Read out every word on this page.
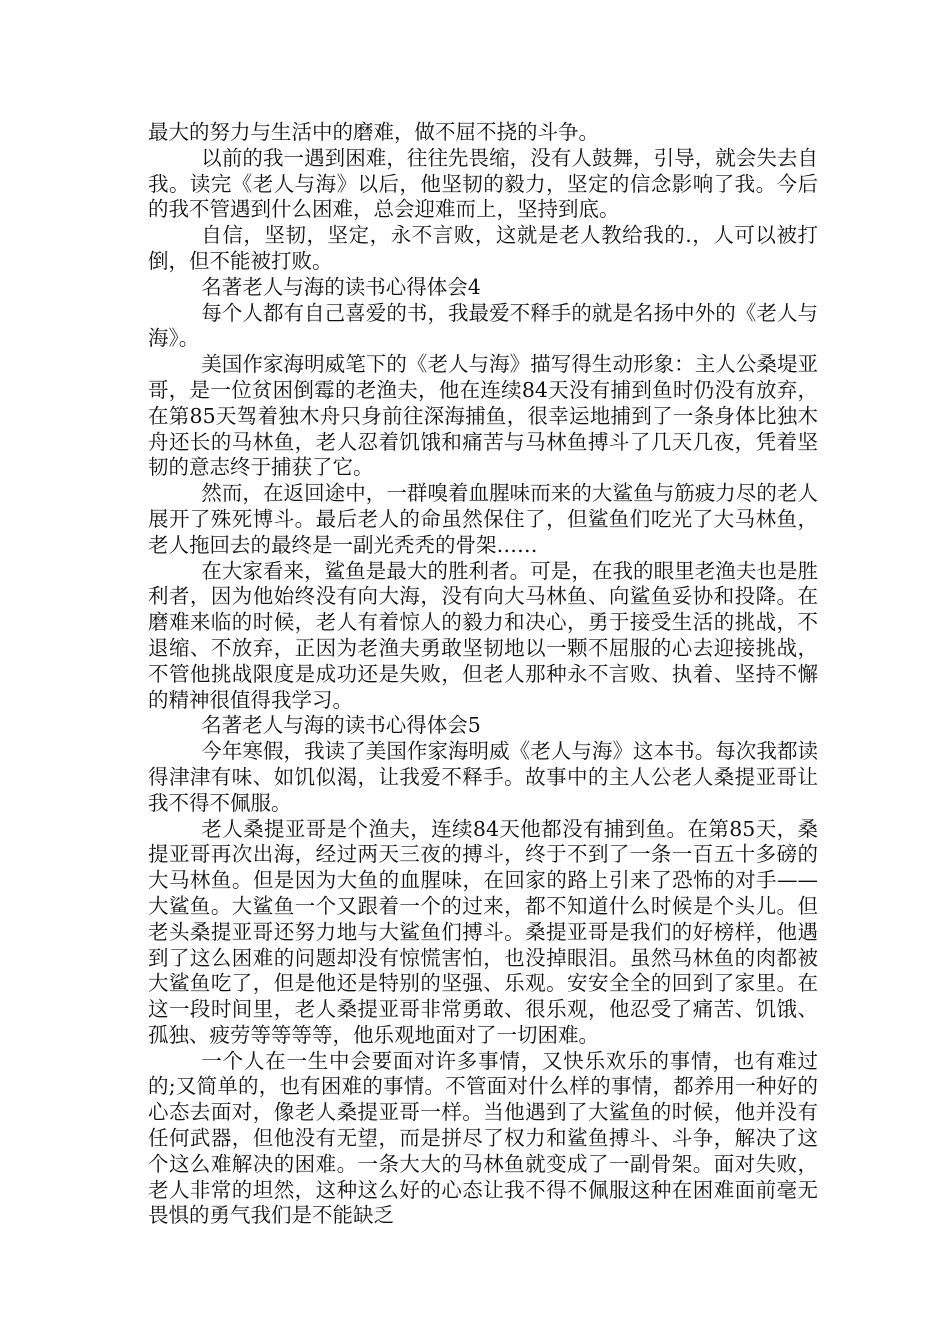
最大的努力与生活中的磨难，做不屈不挠的斗争。

以前的我一遇到困难，往往先畏缩，没有人鼓舞，引导，就会失去自我。读完《老人与海》以后，他坚韧的毅力，坚定的信念影响了我。今后的我不管遇到什么困难，总会迎难而上，坚持到底。

自信，坚韧，坚定，永不言败，这就是老人教给我的.，人可以被打倒，但不能被打败。

名著老人与海的读书心得体会4

每个人都有自己喜爱的书，我最爱不释手的就是名扬中外的《老人与海》。

美国作家海明威笔下的《老人与海》描写得生动形象：主人公桑堤亚哥，是一位贫困倒霉的老渔夫，他在连续84天没有捕到鱼时仍没有放弃，在第85天驾着独木舟只身前往深海捕鱼，很幸运地捕到了一条身体比独木舟还长的马林鱼，老人忍着饥饿和痛苦与马林鱼搏斗了几天几夜，凭着坚韧的意志终于捕获了它。

然而，在返回途中，一群嗅着血腥味而来的大鲨鱼与筋疲力尽的老人展开了殊死博斗。最后老人的命虽然保住了，但鲨鱼们吃光了大马林鱼，老人拖回去的最终是一副光秃秃的骨架……

在大家看来，鲨鱼是最大的胜利者。可是，在我的眼里老渔夫也是胜利者，因为他始终没有向大海，没有向大马林鱼、向鲨鱼妥协和投降。在磨难来临的时候，老人有着惊人的毅力和决心，勇于接受生活的挑战，不退缩、不放弃，正因为老渔夫勇敢坚韧地以一颗不屈服的心去迎接挑战，不管他挑战限度是成功还是失败，但老人那种永不言败、执着、坚持不懈的精神很值得我学习。

名著老人与海的读书心得体会5

今年寒假，我读了美国作家海明威《老人与海》这本书。每次我都读得津津有味、如饥似渴，让我爱不释手。故事中的主人公老人桑提亚哥让我不得不佩服。

老人桑提亚哥是个渔夫，连续84天他都没有捕到鱼。在第85天，桑提亚哥再次出海，经过两天三夜的搏斗，终于不到了一条一百五十多磅的大马林鱼。但是因为大鱼的血腥味，在回家的路上引来了恐怖的对手——大鲨鱼。大鲨鱼一个又跟着一个的过来，都不知道什么时候是个头儿。但老头桑提亚哥还努力地与大鲨鱼们搏斗。桑提亚哥是我们的好榜样，他遇到了这么困难的问题却没有惊慌害怕，也没掉眼泪。虽然马林鱼的肉都被大鲨鱼吃了，但是他还是特别的坚强、乐观。安安全全的回到了家里。在这一段时间里，老人桑提亚哥非常勇敢、很乐观，他忍受了痛苦、饥饿、孤独、疲劳等等等等，他乐观地面对了一切困难。

一个人在一生中会要面对许多事情，又快乐欢乐的事情，也有难过的;又简单的，也有困难的事情。不管面对什么样的事情，都养用一种好的心态去面对，像老人桑提亚哥一样。当他遇到了大鲨鱼的时候，他并没有任何武器，但他没有无望，而是拼尽了权力和鲨鱼搏斗、斗争，解决了这个这么难解决的困难。一条大大的马林鱼就变成了一副骨架。面对失败，老人非常的坦然，这种这么好的心态让我不得不佩服这种在困难面前毫无畏惧的勇气我们是不能缺乏
